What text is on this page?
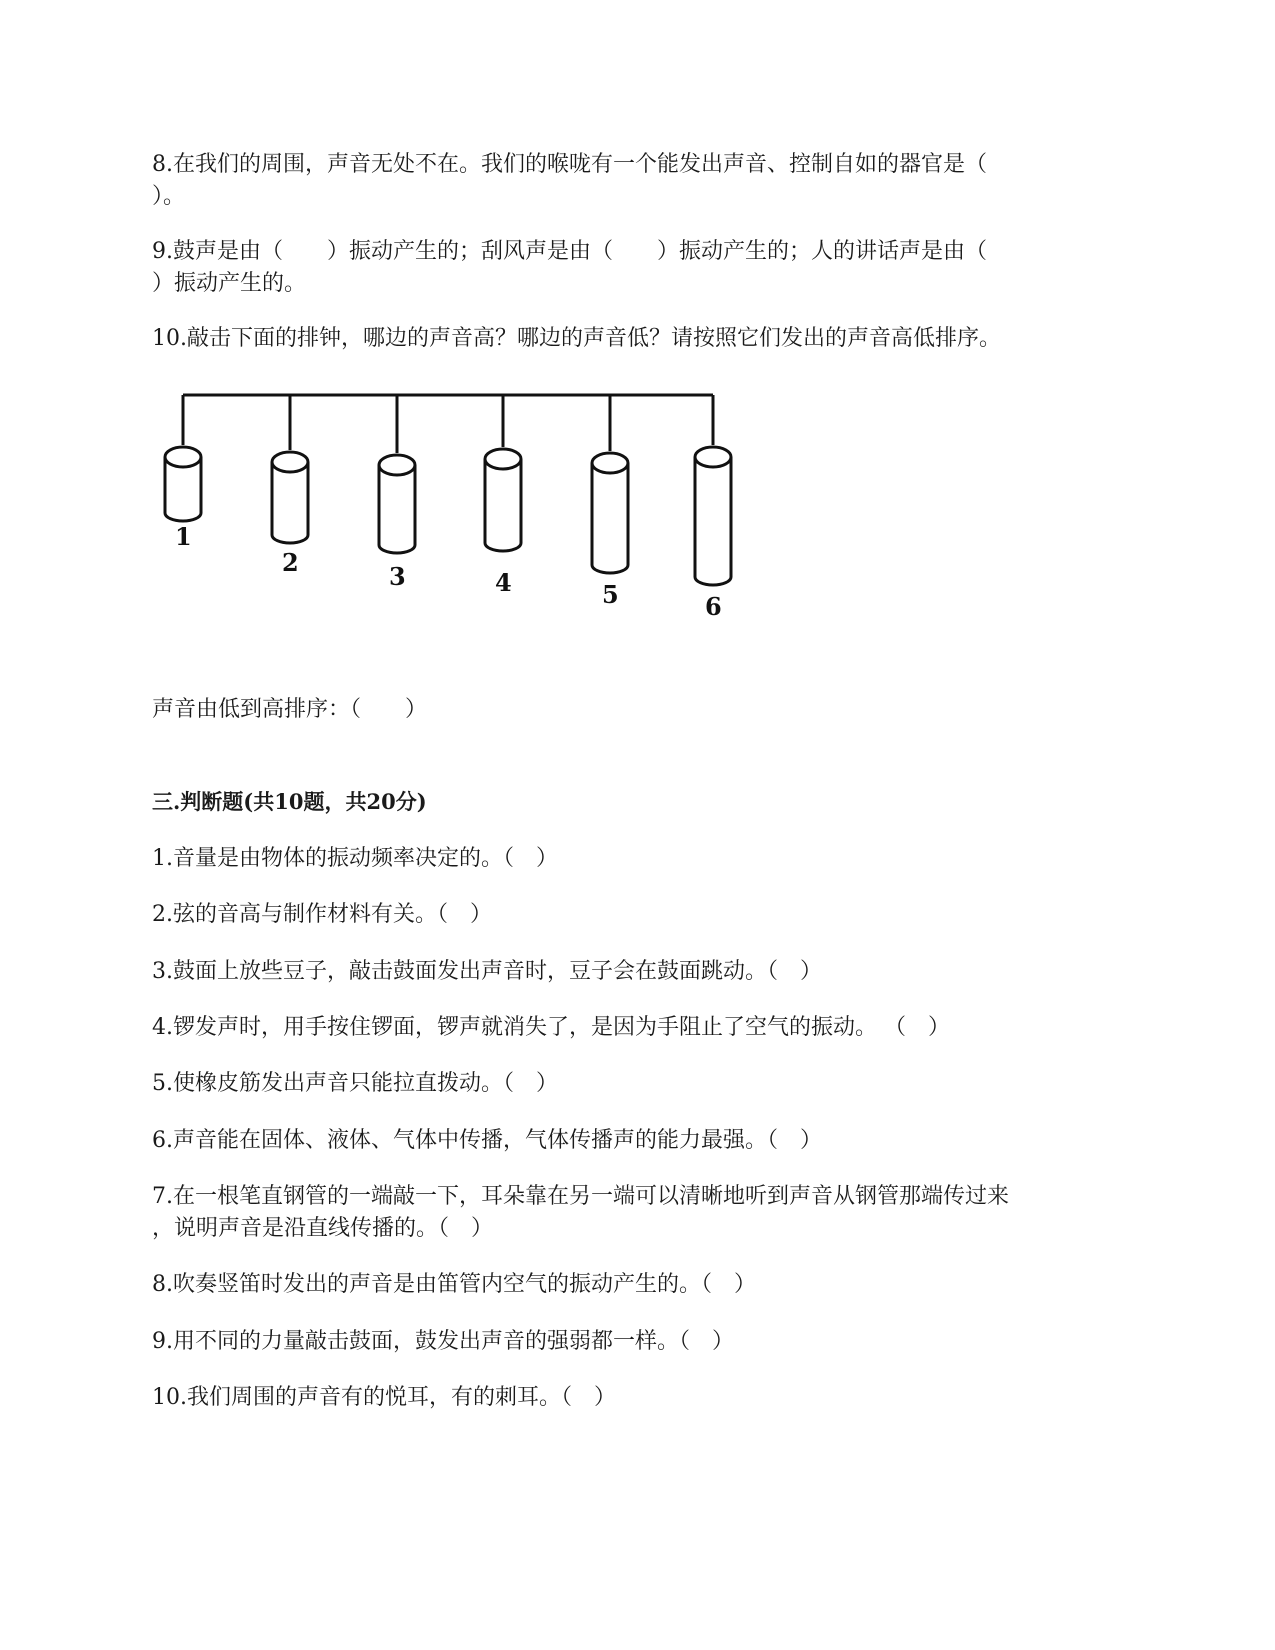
8.在我们的周围，声音无处不在。我们的喉咙有一个能发出声音、控制自如的器官是（
）。
9.鼓声是由（　　）振动产生的；刮风声是由（　　）振动产生的；人的讲话声是由（
）振动产生的。
10.敲击下面的排钟，哪边的声音高？哪边的声音低？请按照它们发出的声音高低排序。
1
2	3	4	5	6
声音由低到高排序：（　　）
三.判断题(共10题，共20分)
1.音量是由物体的振动频率决定的。（　）
2.弦的音高与制作材料有关。（　）
3.鼓面上放些豆子，敲击鼓面发出声音时，豆子会在鼓面跳动。（　）
4.锣发声时，用手按住锣面，锣声就消失了，是因为手阻止了空气的振动。 （　）
5.使橡皮筋发出声音只能拉直拨动。（　）
6.声音能在固体、液体、气体中传播，气体传播声的能力最强。（　）
7.在一根笔直钢管的一端敲一下，耳朵靠在另一端可以清晰地听到声音从钢管那端传过来
，说明声音是沿直线传播的。（　）
8.吹奏竖笛时发出的声音是由笛管内空气的振动产生的。（　）
9.用不同的力量敲击鼓面，鼓发出声音的强弱都一样。（　）
10.我们周围的声音有的悦耳，有的刺耳。（　）
